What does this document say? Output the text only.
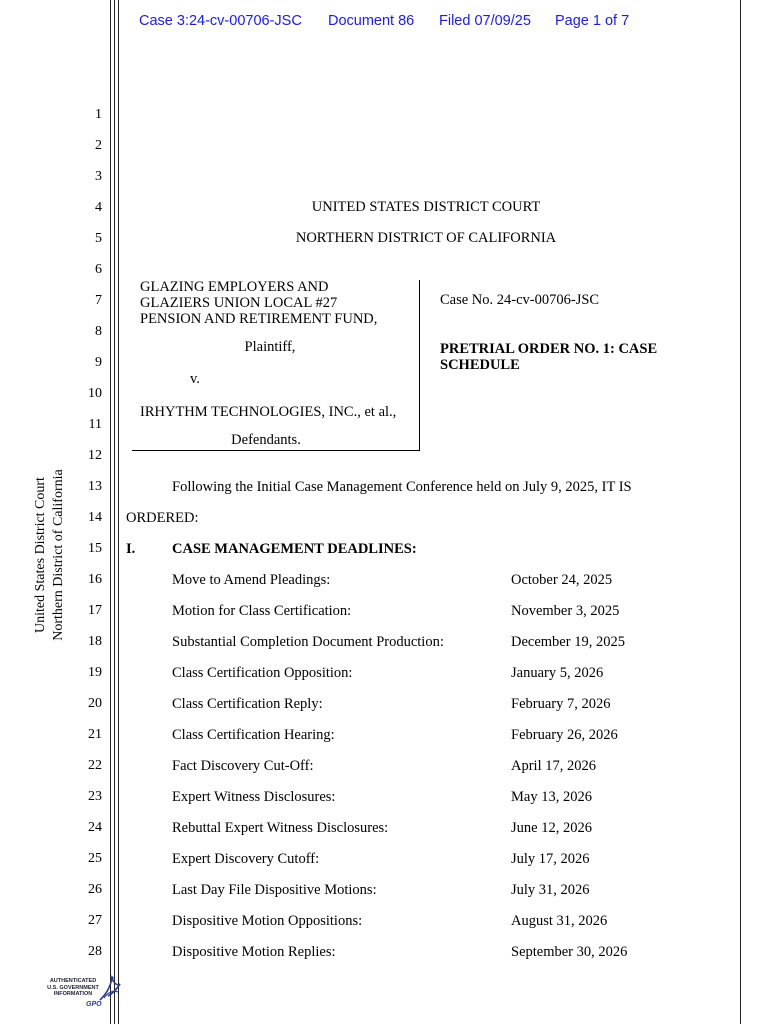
Case 3:24-cv-00706-JSC Document 86 Filed 07/09/25 Page 1 of 7
1
2
3
4
5
6
7
8
9
10
11
12
13
14
15
16
17
18
19
20
21
22
23
24
25
26
27
28
United States District Court Northern District of California
UNITED STATES DISTRICT COURT
NORTHERN DISTRICT OF CALIFORNIA
GLAZING EMPLOYERS AND
GLAZIERS UNION LOCAL #27
PENSION AND RETIREMENT FUND,
Plaintiff,
v.
IRHYTHM TECHNOLOGIES, INC., et al.,
Defendants.
Case No. 24-cv-00706-JSC
PRETRIAL ORDER NO. 1: CASE
SCHEDULE
Following the Initial Case Management Conference held on July 9, 2025, IT IS
ORDERED:
I.	CASE MANAGEMENT DEADLINES:
Move to Amend Pleadings:	October 24, 2025
Motion for Class Certification:	November 3, 2025
Substantial Completion Document Production:	December 19, 2025
Class Certification Opposition:	January 5, 2026
Class Certification Reply:	February 7, 2026
Class Certification Hearing:	February 26, 2026
Fact Discovery Cut-Off:	April 17, 2026
Expert Witness Disclosures:	May 13, 2026
Rebuttal Expert Witness Disclosures:	June 12, 2026
Expert Discovery Cutoff:	July 17, 2026
Last Day File Dispositive Motions:	July 31, 2026
Dispositive Motion Oppositions:	August 31, 2026
Dispositive Motion Replies:	September 30, 2026
AUTHENTICATED
U.S. GOVERNMENT
INFORMATION
GPO
